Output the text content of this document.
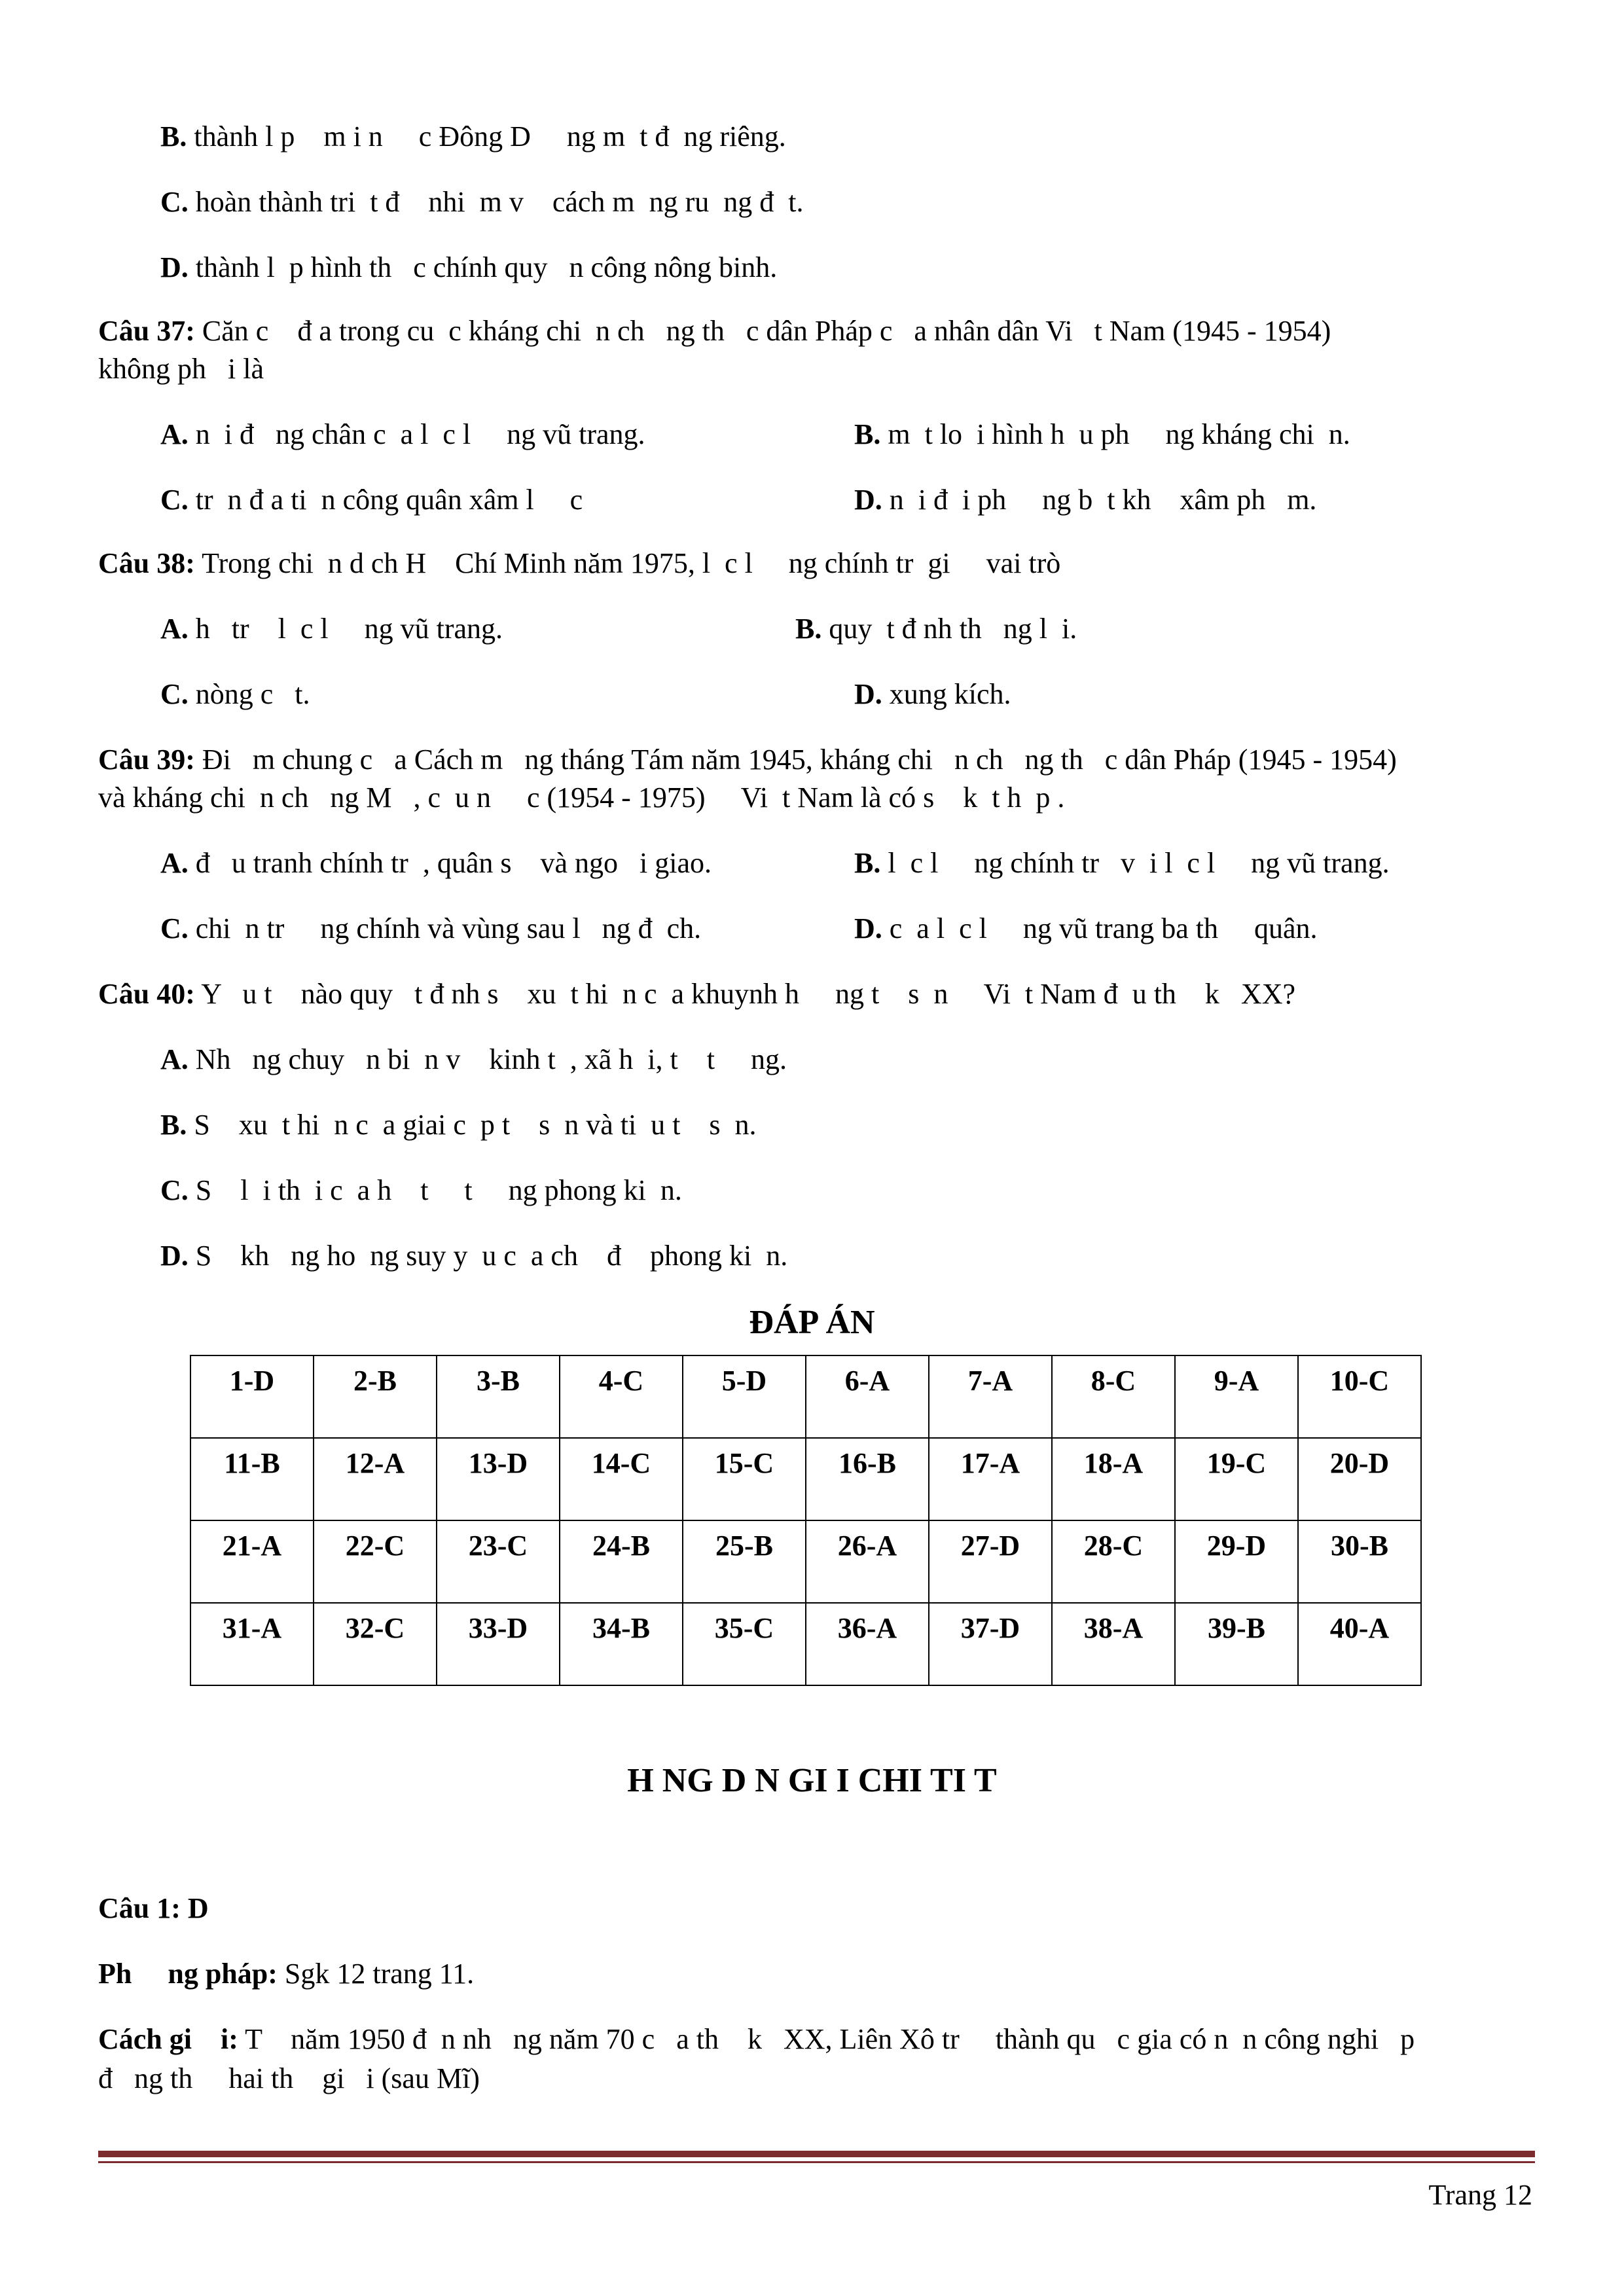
B. thành l p    m i n     c Đông D     ng m  t đ  ng riêng.
C. hoàn thành tri  t đ    nhi  m v    cách m  ng ru  ng đ  t.
D. thành l  p hình th   c chính quy   n công nông binh.
Câu 37: Căn c    đ a trong cu  c kháng chi  n ch   ng th   c dân Pháp c   a nhân dân Vi   t Nam (1945 - 1954)
không ph   i là
A. n  i đ   ng chân c  a l  c l     ng vũ trang.	B. m  t lo  i hình h  u ph     ng kháng chi  n.
C. tr  n đ a ti  n công quân xâm l     c	D. n  i đ  i ph     ng b  t kh    xâm ph   m.
Câu 38: Trong chi  n d ch H    Chí Minh năm 1975, l  c l     ng chính tr  gi     vai trò
A. h   tr    l  c l     ng vũ trang.	B. quy  t đ nh th   ng l  i.
C. nòng c   t.	D. xung kích.
Câu 39: Đi   m chung c   a Cách m   ng tháng Tám năm 1945, kháng chi   n ch   ng th   c dân Pháp (1945 - 1954)
và kháng chi  n ch   ng M   , c  u n     c (1954 - 1975)     Vi  t Nam là có s    k  t h  p .
A. đ   u tranh chính tr  , quân s    và ngo   i giao.	B. l  c l     ng chính tr   v  i l  c l     ng vũ trang.
C. chi  n tr     ng chính và vùng sau l   ng đ  ch.	D. c  a l  c l     ng vũ trang ba th     quân.
Câu 40: Y   u t    nào quy   t đ nh s    xu  t hi  n c  a khuynh h     ng t    s  n     Vi  t Nam đ  u th    k   XX?
A. Nh   ng chuy   n bi  n v    kinh t  , xã h  i, t    t     ng.
B. S    xu  t hi  n c  a giai c  p t    s  n và ti  u t    s  n.
C. S    l  i th  i c  a h    t     t     ng phong ki  n.
D. S    kh   ng ho  ng suy y  u c  a ch    đ    phong ki  n.
ĐÁP ÁN
1-D	2-B	3-B	4-C	5-D	6-A	7-A	8-C	9-A	10-C
11-B	12-A	13-D	14-C	15-C	16-B	17-A	18-A	19-C	20-D
21-A	22-C	23-C	24-B	25-B	26-A	27-D	28-C	29-D	30-B
31-A	32-C	33-D	34-B	35-C	36-A	37-D	38-A	39-B	40-A
H NG D N GI I CHI TI T
Câu 1: D
Ph     ng pháp: Sgk 12 trang 11.
Cách gi    i: T    năm 1950 đ  n nh   ng năm 70 c   a th    k   XX, Liên Xô tr     thành qu   c gia có n  n công nghi   p
đ   ng th     hai th    gi   i (sau Mĩ)
Trang 12
